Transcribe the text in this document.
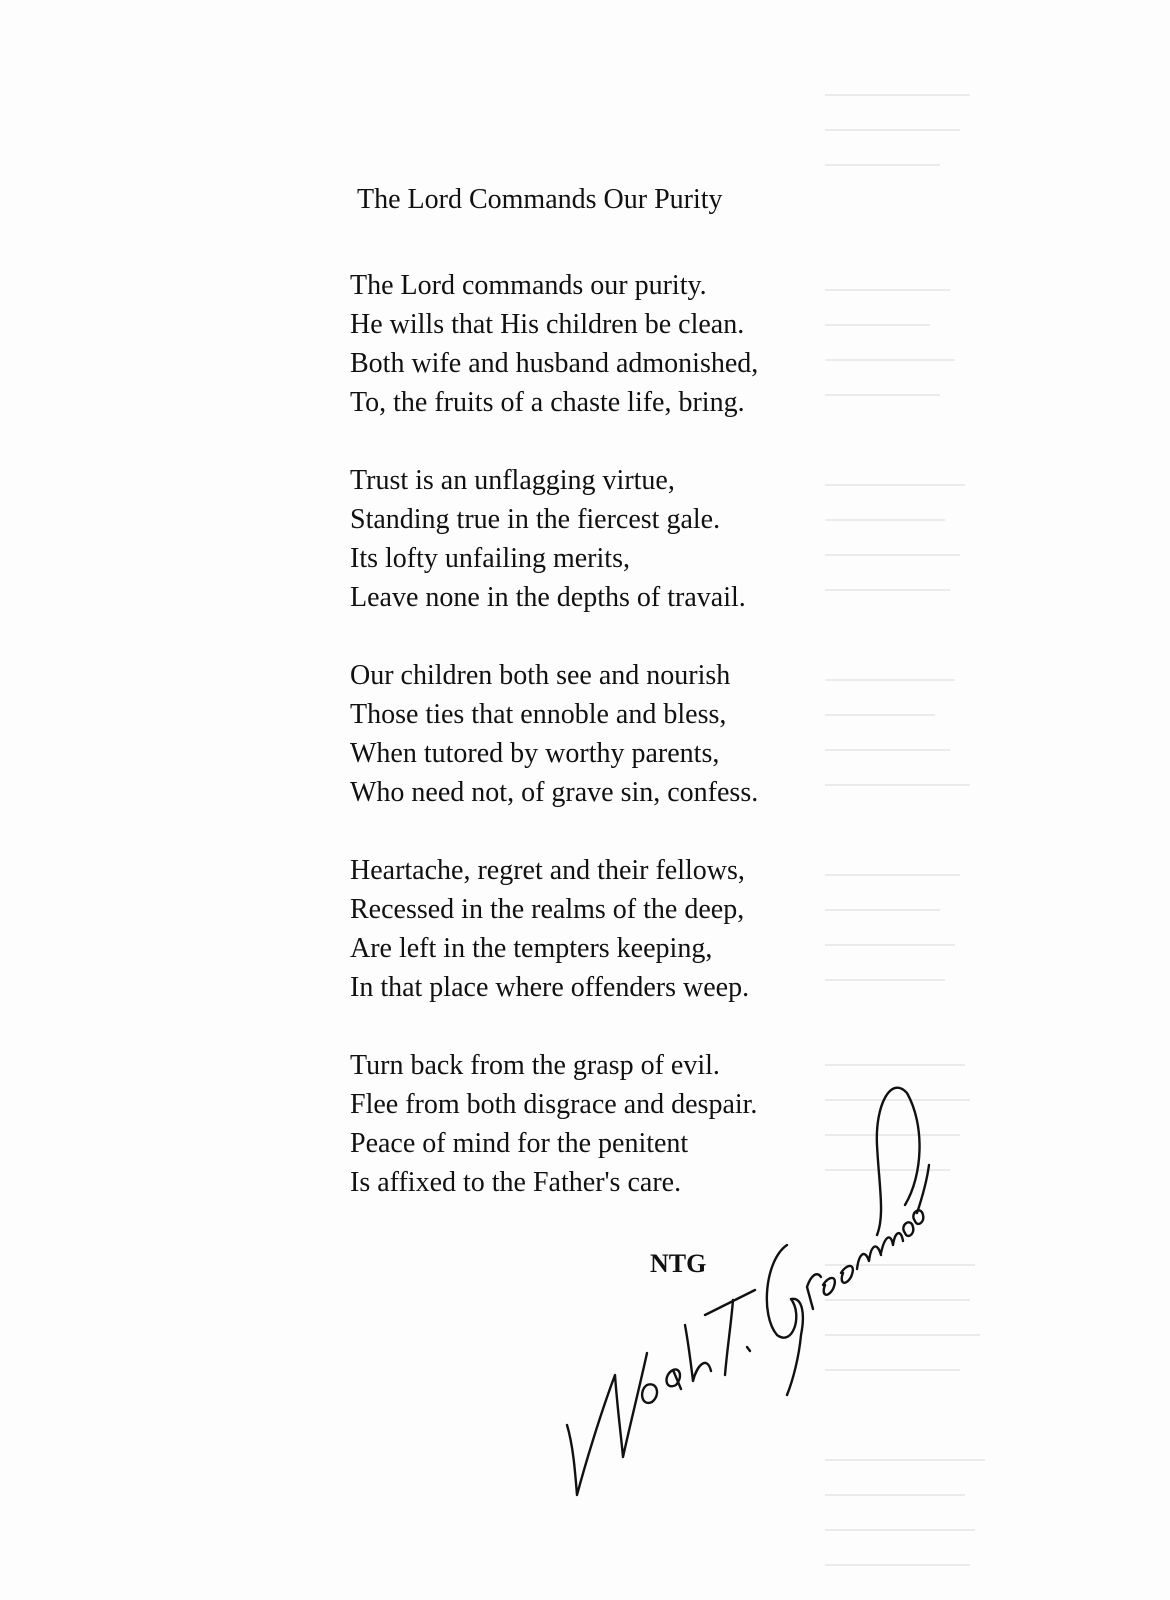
The Lord Commands Our Purity
The Lord commands our purity.
He wills that His children be clean.
Both wife and husband admonished,
To, the fruits of a chaste life, bring.
Trust is an unflagging virtue,
Standing true in the fiercest gale.
Its lofty unfailing merits,
Leave none in the depths of travail.
Our children both see and nourish
Those ties that ennoble and bless,
When tutored by worthy parents,
Who need not, of grave sin, confess.
Heartache, regret and their fellows,
Recessed in the realms of the deep,
Are left in the tempters keeping,
In that place where offenders weep.
Turn back from the grasp of evil.
Flee from both disgrace and despair.
Peace of mind for the penitent
Is affixed to the Father's care.
NTG
